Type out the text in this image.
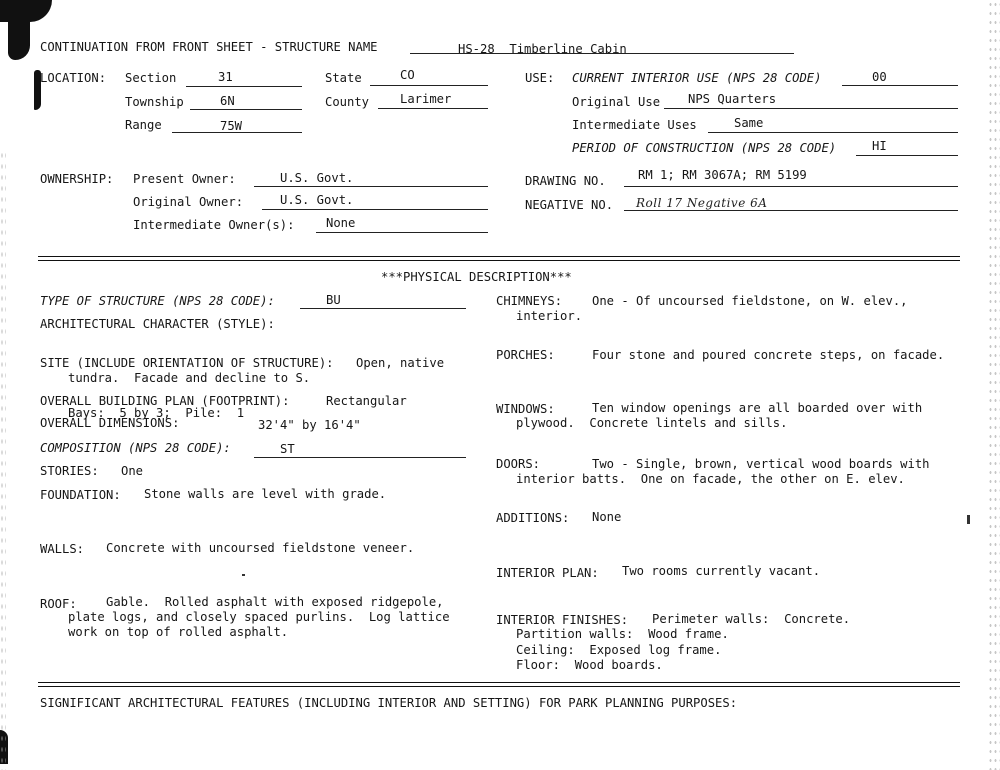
CONTINUATION FROM FRONT SHEET - STRUCTURE NAME	HS-28  Timberline Cabin
LOCATION: Section	31
Township	6N
Range	75W
State	CO
County	Larimer
USE: CURRENT INTERIOR USE (NPS 28 CODE)	00
Original Use NPS Quarters
Intermediate Uses	Same
PERIOD OF CONSTRUCTION (NPS 28 CODE)	HI
OWNERSHIP: Present Owner:	U.S. Govt.
Original Owner:	U.S. Govt.
Intermediate Owner(s):	None
DRAWING NO.	RM 1; RM 3067A; RM 5199
NEGATIVE NO. Roll 17 Negative 6A
***PHYSICAL DESCRIPTION***
TYPE OF STRUCTURE (NPS 28 CODE):	BU
ARCHITECTURAL CHARACTER (STYLE):
SITE (INCLUDE ORIENTATION OF STRUCTURE): Open, native
tundra.  Facade and decline to S.
OVERALL BUILDING PLAN (FOOTPRINT):	Rectangular
Bays:  5 by 3;  Pile:  1
OVERALL DIMENSIONS:	32'4" by 16'4"
COMPOSITION (NPS 28 CODE):	ST
STORIES: One
FOUNDATION: Stone walls are level with grade.
WALLS: Concrete with uncoursed fieldstone veneer.
ROOF: Gable.  Rolled asphalt with exposed ridgepole,
plate logs, and closely spaced purlins.  Log lattice
work on top of rolled asphalt.
CHIMNEYS: One - Of uncoursed fieldstone, on W. elev.,
interior.
PORCHES:	Four stone and poured concrete steps, on facade.
WINDOWS:	Ten window openings are all boarded over with
plywood.  Concrete lintels and sills.
DOORS:	Two - Single, brown, vertical wood boards with
interior batts.  One on facade, the other on E. elev.
ADDITIONS: None
INTERIOR PLAN: Two rooms currently vacant.
INTERIOR FINISHES: Perimeter walls:  Concrete.
Partition walls:  Wood frame.
Ceiling:  Exposed log frame.
Floor:  Wood boards.
SIGNIFICANT ARCHITECTURAL FEATURES (INCLUDING INTERIOR AND SETTING) FOR PARK PLANNING PURPOSES:
